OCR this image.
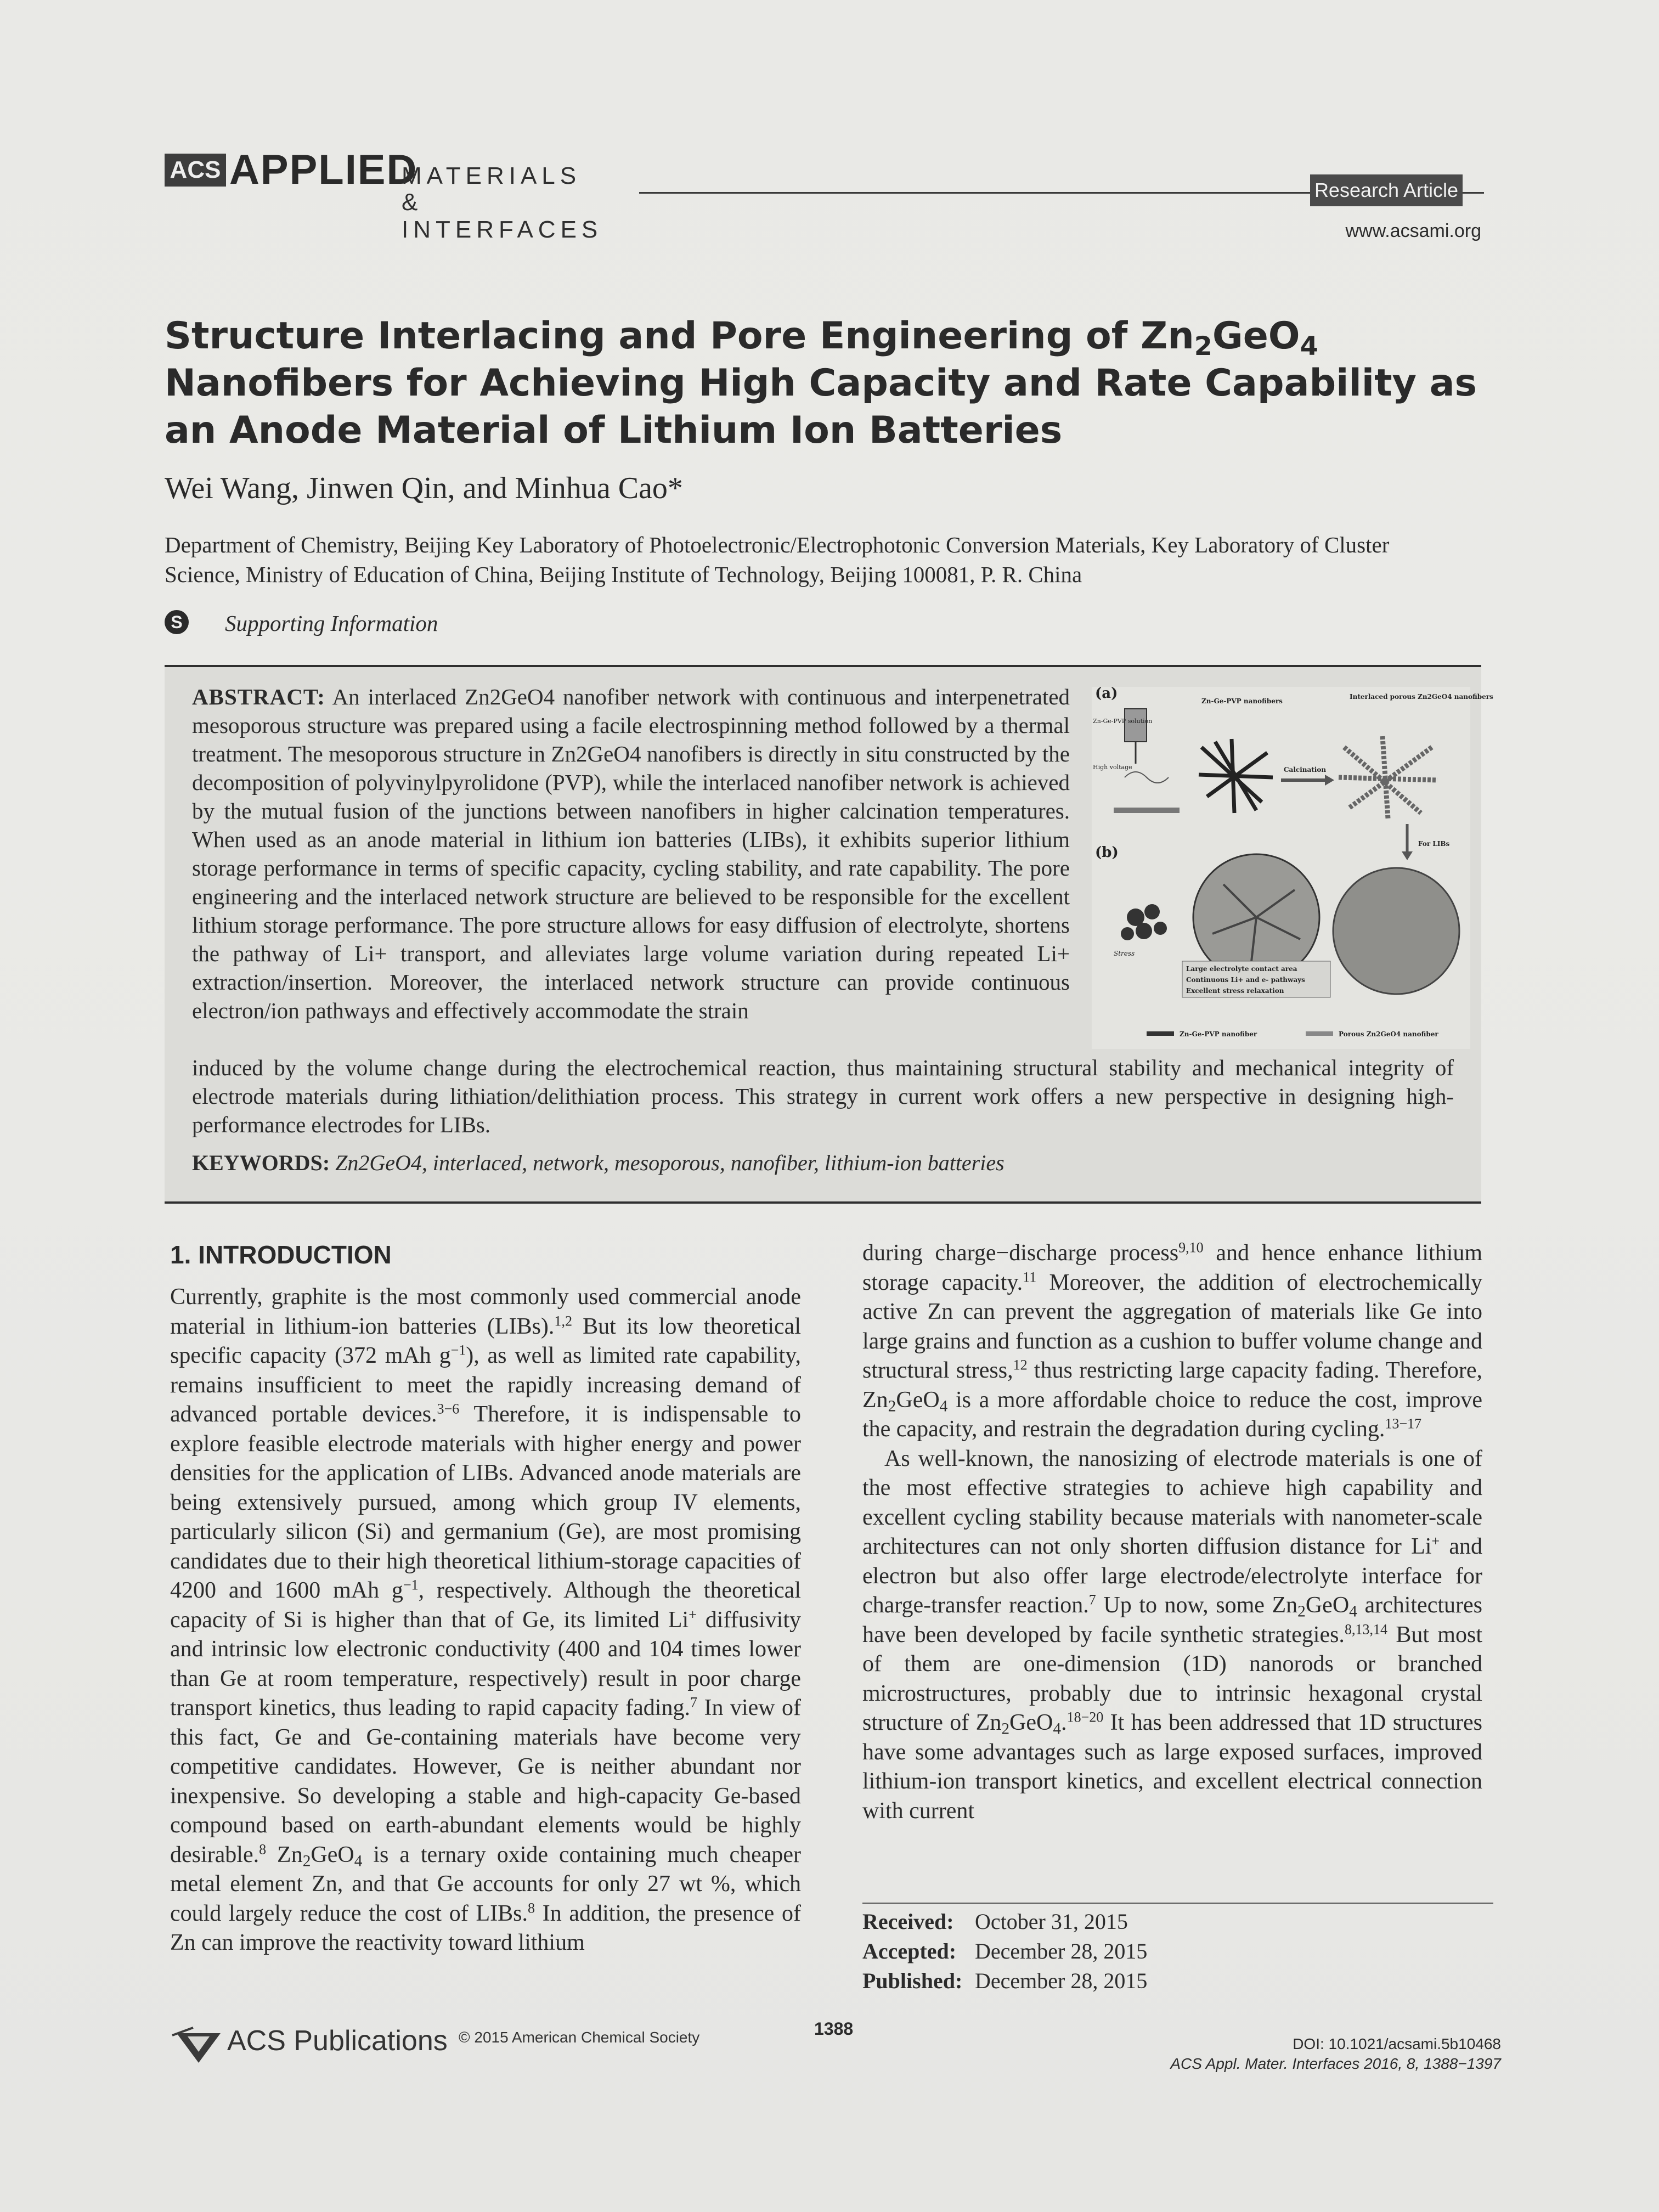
ACS APPLIED
MATERIALS
& INTERFACES
Research Article
www.acsami.org
Structure Interlacing and Pore Engineering of $Zn_2GeO_4$ Nanofibers for Achieving High Capacity and Rate Capability as an Anode Material of Lithium Ion Batteries
Wei Wang, Jinwen Qin, and Minhua Cao*
Department of Chemistry, Beijing Key Laboratory of Photoelectronic/Electrophotonic Conversion Materials, Key Laboratory of Cluster Science, Ministry of Education of China, Beijing Institute of Technology, Beijing 100081, P. R. China
S Supporting Information
ABSTRACT: An interlaced Zn2GeO4 nanofiber network with continuous and interpenetrated mesoporous structure was prepared using a facile electrospinning method followed by a thermal treatment. The mesoporous structure in Zn2GeO4 nanofibers is directly in situ constructed by the decomposition of polyvinylpyrolidone (PVP), while the interlaced nanofiber network is achieved by the mutual fusion of the junctions between nanofibers in higher calcination temperatures. When used as an anode material in lithium ion batteries (LIBs), it exhibits superior lithium storage performance in terms of specific capacity, cycling stability, and rate capability. The pore engineering and the interlaced network structure are believed to be responsible for the excellent lithium storage performance. The pore structure allows for easy diffusion of electrolyte, shortens the pathway of Li+ transport, and alleviates large volume variation during repeated Li+ extraction/insertion. Moreover, the interlaced network structure can provide continuous electron/ion pathways and effectively accommodate the strain
induced by the volume change during the electrochemical reaction, thus maintaining structural stability and mechanical integrity of electrode materials during lithiation/delithiation process. This strategy in current work offers a new perspective in designing high-performance electrodes for LIBs.
KEYWORDS: Zn2GeO4, interlaced, network, mesoporous, nanofiber, lithium-ion batteries
(a)
(b)
Zn-Ge-PVP solution
High voltage
Zn-Ge-PVP nanofibers
Calcination
Interlaced porous Zn2GeO4 nanofibers
For LIBs
Stress
Large electrolyte contact area
Continuous Li+ and e- pathways
Excellent stress relaxation
Zn-Ge-PVP nanofiber	Porous Zn2GeO4 nanofiber
1. INTRODUCTION

Currently, graphite is the most commonly used commercial anode material in lithium-ion batteries (LIBs).$^{1,2}$ But its low theoretical specific capacity (372 mAh $g^{-1}$), as well as limited rate capability, remains insufficient to meet the rapidly increasing demand of advanced portable devices.$^{3-6}$ Therefore, it is indispensable to explore feasible electrode materials with higher energy and power densities for the application of LIBs. Advanced anode materials are being extensively pursued, among which group IV elements, particularly silicon (Si) and germanium (Ge), are most promising candidates due to their high theoretical lithium-storage capacities of 4200 and 1600 mAh $g^{-1}$, respectively. Although the theoretical capacity of Si is higher than that of Ge, its limited Li+ diffusivity and intrinsic low electronic conductivity (400 and 104 times lower than Ge at room temperature, respectively) result in poor charge transport kinetics, thus leading to rapid capacity fading.$^7$ In view of this fact, Ge and Ge-containing materials have become very competitive candidates. However, Ge is neither abundant nor inexpensive. So developing a stable and high-capacity Ge-based compound based on earth-abundant elements would be highly desirable.$^8$ $Zn_2GeO_4$ is a ternary oxide containing much cheaper metal element Zn, and that Ge accounts for only 27 wt %, which could largely reduce the cost of LIBs.$^8$ In addition, the presence of Zn can improve the reactivity toward lithium

during charge−discharge process$^{9,10}$ and hence enhance lithium storage capacity.$^{11}$ Moreover, the addition of electrochemically active Zn can prevent the aggregation of materials like Ge into large grains and function as a cushion to buffer volume change and structural stress,$^{12}$ thus restricting large capacity fading. Therefore, $Zn_2GeO_4$ is a more affordable choice to reduce the cost, improve the capacity, and restrain the degradation during cycling.$^{13-17}$

As well-known, the nanosizing of electrode materials is one of the most effective strategies to achieve high capability and excellent cycling stability because materials with nanometer-scale architectures can not only shorten diffusion distance for Li+ and electron but also offer large electrode/electrolyte interface for charge-transfer reaction.$^7$ Up to now, some $Zn_2GeO_4$ architectures have been developed by facile synthetic strategies.$^{8,13,14}$ But most of them are one-dimension (1D) nanorods or branched microstructures, probably due to intrinsic hexagonal crystal structure of $Zn_2GeO_4.^{18-20}$ It has been addressed that 1D structures have some advantages such as large exposed surfaces, improved lithium-ion transport kinetics, and excellent electrical connection with current

Received: October 31, 2015
Accepted: December 28, 2015
Published: December 28, 2015
ACS Publications © 2015 American Chemical Society	1388
DOI: 10.1021/acsami.5b10468
ACS Appl. Mater. Interfaces 2016, 8, 1388−1397
